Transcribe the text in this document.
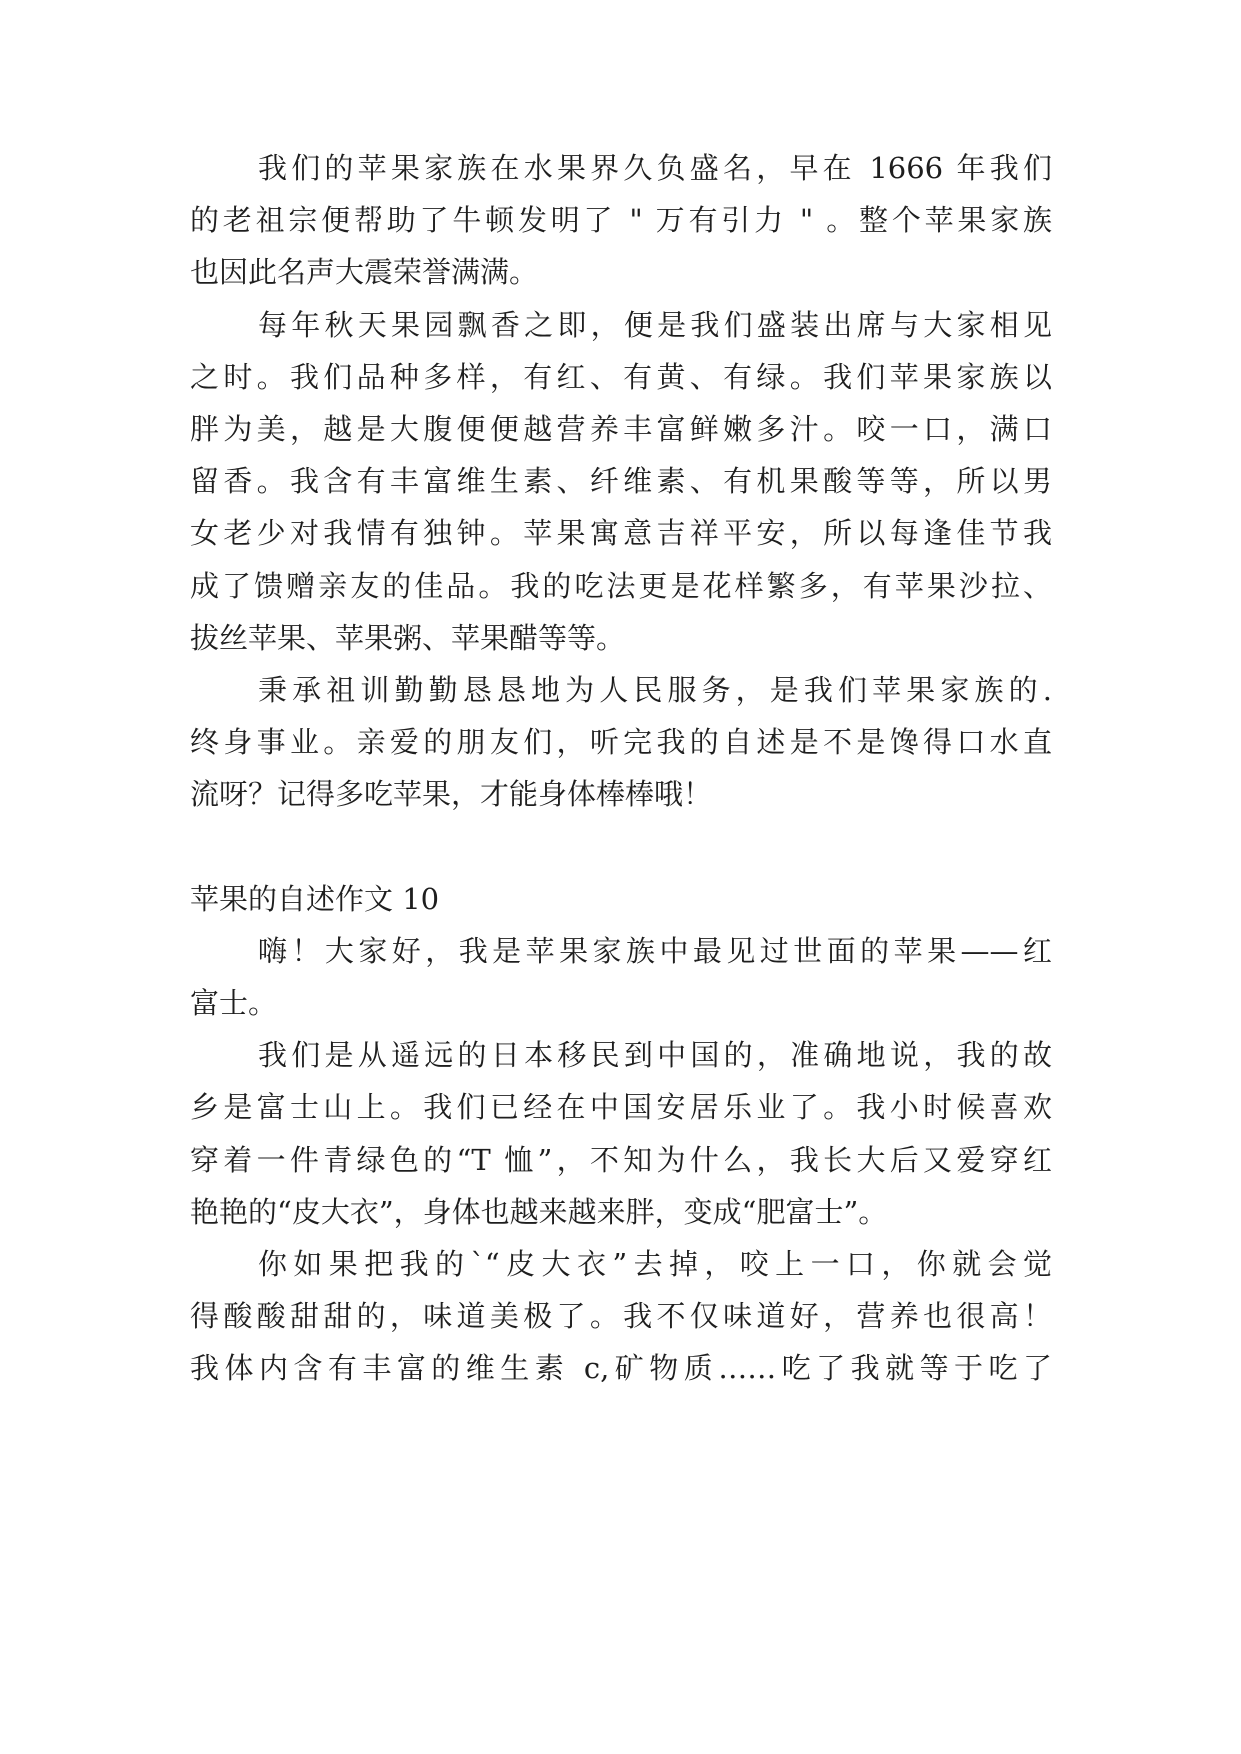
我们的苹果家族在水果界久负盛名，早在 1666 年我们
的老祖宗便帮助了牛顿发明了 " 万有引力 " 。整个苹果家族
也因此名声大震荣誉满满。
每年秋天果园飘香之即，便是我们盛装出席与大家相见
之时。我们品种多样，有红、有黄、有绿。我们苹果家族以
胖为美，越是大腹便便越营养丰富鲜嫩多汁。咬一口，满口
留香。我含有丰富维生素、纤维素、有机果酸等等，所以男
女老少对我情有独钟。苹果寓意吉祥平安，所以每逢佳节我
成了馈赠亲友的佳品。我的吃法更是花样繁多，有苹果沙拉、
拔丝苹果、苹果粥、苹果醋等等。
秉承祖训勤勤恳恳地为人民服务，是我们苹果家族的.
终身事业。亲爱的朋友们，听完我的自述是不是馋得口水直
流呀？记得多吃苹果，才能身体棒棒哦！
苹果的自述作文 10
嗨！大家好，我是苹果家族中最见过世面的苹果——红
富士。
我们是从遥远的日本移民到中国的，准确地说，我的故
乡是富士山上。我们已经在中国安居乐业了。我小时候喜欢
穿着一件青绿色的“T 恤”，不知为什么，我长大后又爱穿红
艳艳的“皮大衣”，身体也越来越来胖，变成“肥富士”。
你如果把我的`“皮大衣”去掉，咬上一口，你就会觉
得酸酸甜甜的，味道美极了。我不仅味道好，营养也很高！
我体内含有丰富的维生素 c,矿物质……吃了我就等于吃了
